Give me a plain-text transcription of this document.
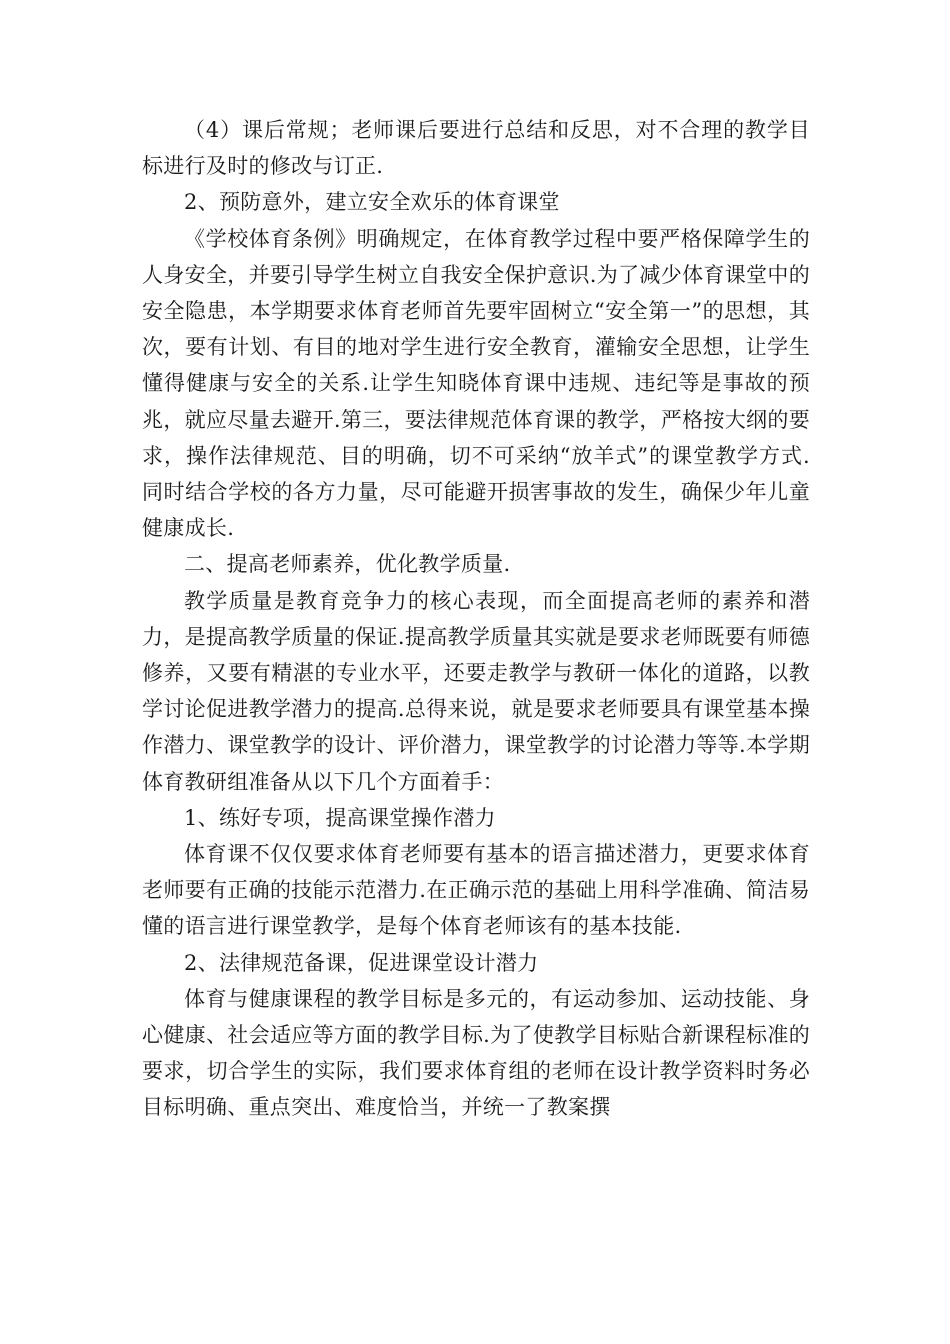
（4）课后常规；老师课后要进行总结和反思，对不合理的教学目标进行及时的修改与订正.

2、预防意外，建立安全欢乐的体育课堂

《学校体育条例》明确规定，在体育教学过程中要严格保障学生的人身安全，并要引导学生树立自我安全保护意识.为了减少体育课堂中的安全隐患，本学期要求体育老师首先要牢固树立“安全第一”的思想，其次，要有计划、有目的地对学生进行安全教育，灌输安全思想，让学生懂得健康与安全的关系.让学生知晓体育课中违规、违纪等是事故的预兆，就应尽量去避开.第三，要法律规范体育课的教学，严格按大纲的要求，操作法律规范、目的明确，切不可采纳“放羊式”的课堂教学方式.同时结合学校的各方力量，尽可能避开损害事故的发生，确保少年儿童健康成长.

二、提高老师素养，优化教学质量.

教学质量是教育竞争力的核心表现，而全面提高老师的素养和潜力，是提高教学质量的保证.提高教学质量其实就是要求老师既要有师德修养，又要有精湛的专业水平，还要走教学与教研一体化的道路，以教学讨论促进教学潜力的提高.总得来说，就是要求老师要具有课堂基本操作潜力、课堂教学的设计、评价潜力，课堂教学的讨论潜力等等.本学期体育教研组准备从以下几个方面着手：

1、练好专项，提高课堂操作潜力

体育课不仅仅要求体育老师要有基本的语言描述潜力，更要求体育老师要有正确的技能示范潜力.在正确示范的基础上用科学准确、简洁易懂的语言进行课堂教学，是每个体育老师该有的基本技能.

2、法律规范备课，促进课堂设计潜力

体育与健康课程的教学目标是多元的，有运动参加、运动技能、身心健康、社会适应等方面的教学目标.为了使教学目标贴合新课程标准的要求，切合学生的实际，我们要求体育组的老师在设计教学资料时务必目标明确、重点突出、难度恰当，并统一了教案撰
